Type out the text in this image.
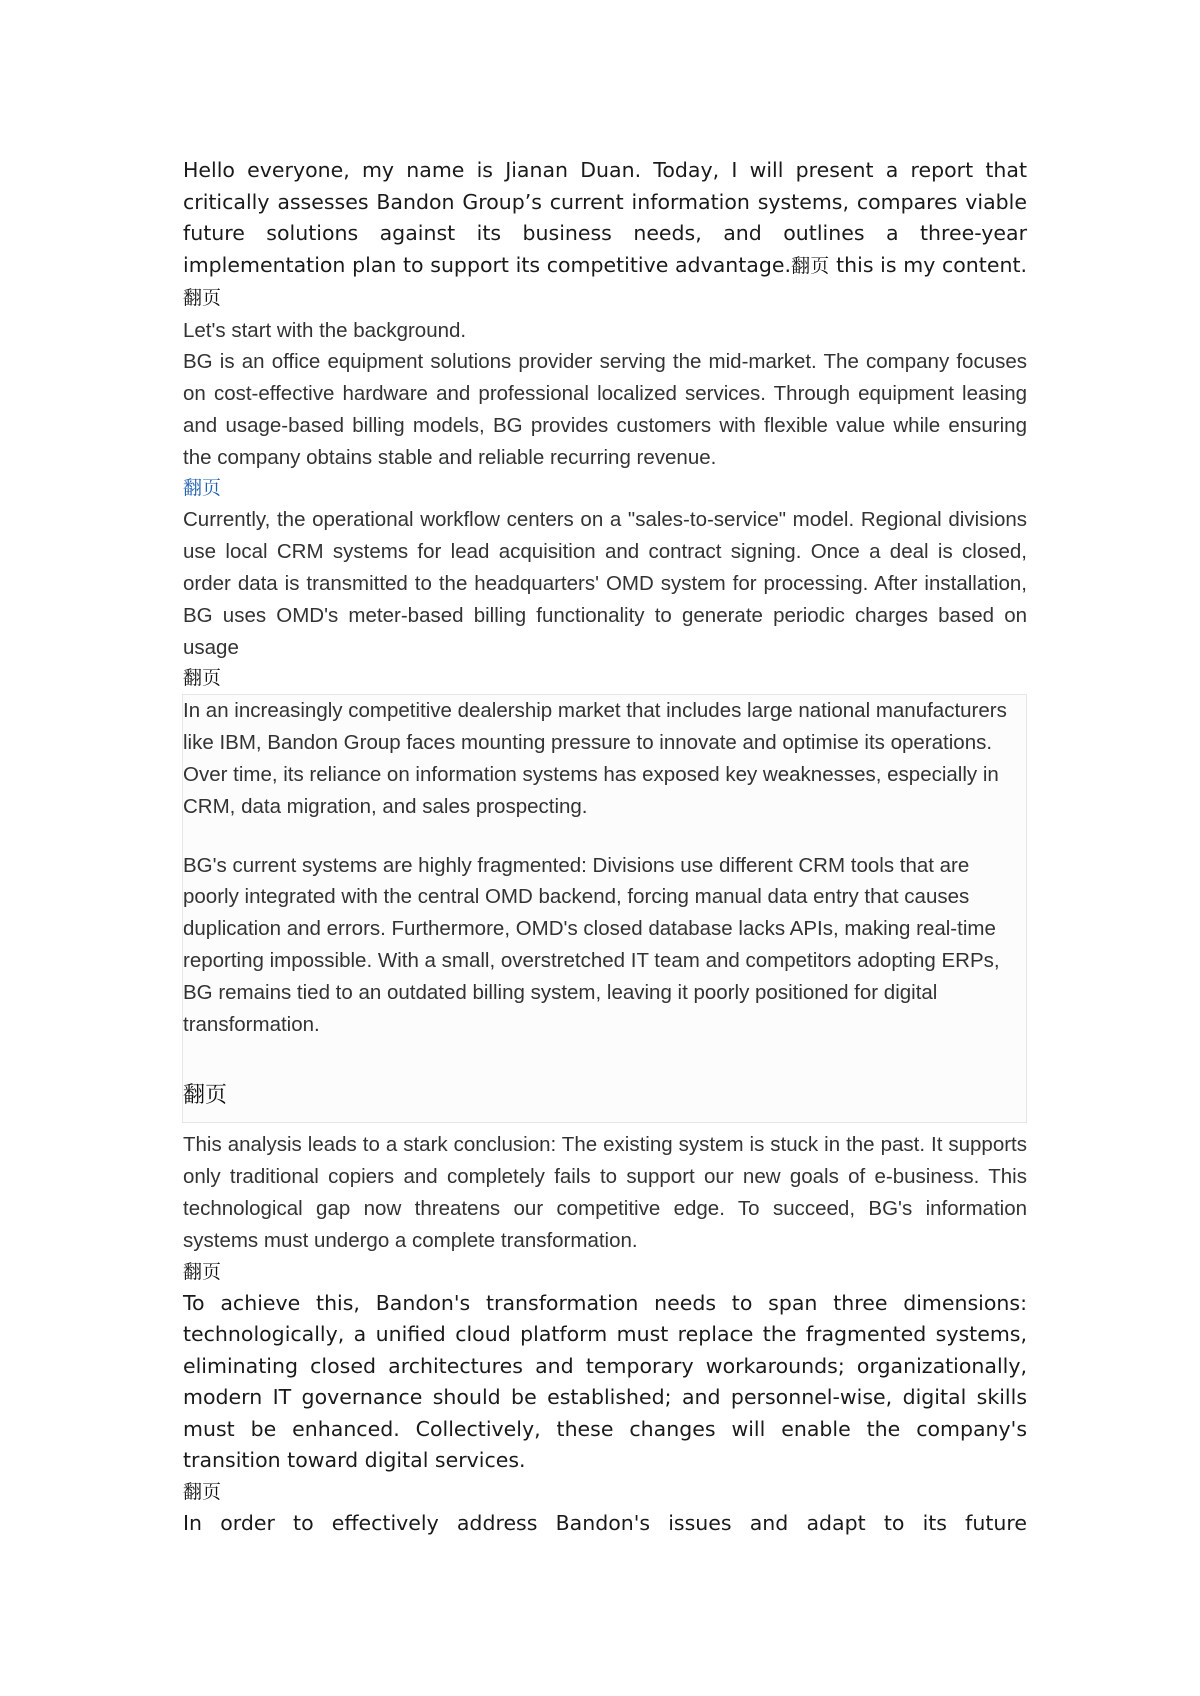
Hello everyone, my name is Jianan Duan. Today, I will present a report that critically assesses Bandon Group’s current information systems, compares viable future solutions against its business needs, and outlines a three-year implementation plan to support its competitive advantage.翻页 this is my content.翻页

Let's start with the background.

BG is an office equipment solutions provider serving the mid-market. The company focuses on cost-effective hardware and professional localized services. Through equipment leasing and usage-based billing models, BG provides customers with flexible value while ensuring the company obtains stable and reliable recurring revenue.

翻页

Currently, the operational workflow centers on a "sales-to-service" model. Regional divisions use local CRM systems for lead acquisition and contract signing. Once a deal is closed, order data is transmitted to the headquarters' OMD system for processing. After installation, BG uses OMD's meter-based billing functionality to generate periodic charges based on usage

翻页

In an increasingly competitive dealership market that includes large national manufacturers like IBM, Bandon Group faces mounting pressure to innovate and optimise its operations. Over time, its reliance on information systems has exposed key weaknesses, especially in CRM, data migration, and sales prospecting.

BG's current systems are highly fragmented: Divisions use different CRM tools that are poorly integrated with the central OMD backend, forcing manual data entry that causes duplication and errors. Furthermore, OMD's closed database lacks APIs, making real-time reporting impossible. With a small, overstretched IT team and competitors adopting ERPs, BG remains tied to an outdated billing system, leaving it poorly positioned for digital transformation.

翻页

This analysis leads to a stark conclusion: The existing system is stuck in the past. It supports only traditional copiers and completely fails to support our new goals of e-business. This technological gap now threatens our competitive edge. To succeed, BG's information systems must undergo a complete transformation.

翻页

To achieve this, Bandon's transformation needs to span three dimensions: technologically, a unified cloud platform must replace the fragmented systems, eliminating closed architectures and temporary workarounds; organizationally, modern IT governance should be established; and personnel-wise, digital skills must be enhanced. Collectively, these changes will enable the company's transition toward digital services.

翻页

In order to effectively address Bandon's issues and adapt to its future
